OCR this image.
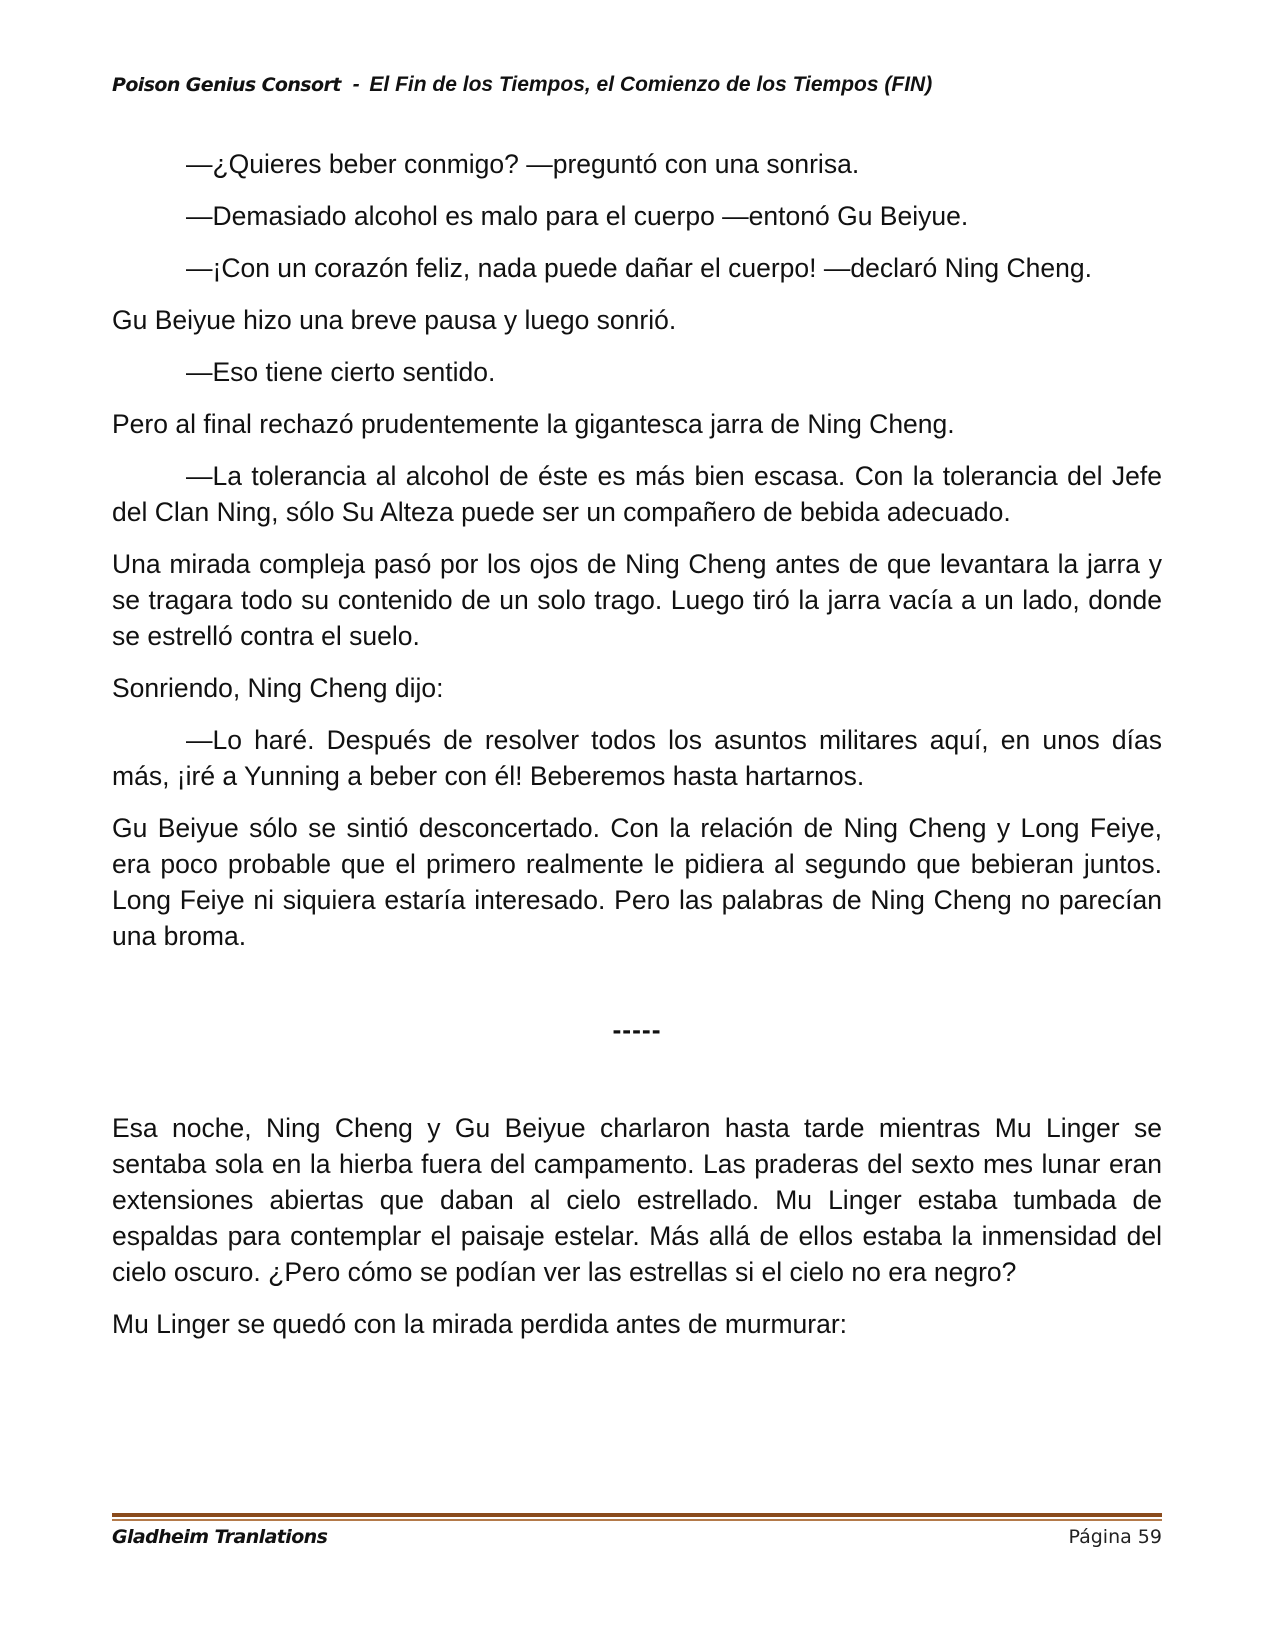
Poison Genius Consort - El Fin de los Tiempos, el Comienzo de los Tiempos (FIN)

—¿Quieres beber conmigo? —preguntó con una sonrisa.

—Demasiado alcohol es malo para el cuerpo —entonó Gu Beiyue.

—¡Con un corazón feliz, nada puede dañar el cuerpo! —declaró Ning Cheng.

Gu Beiyue hizo una breve pausa y luego sonrió.

—Eso tiene cierto sentido.

Pero al final rechazó prudentemente la gigantesca jarra de Ning Cheng.

—La tolerancia al alcohol de éste es más bien escasa. Con la tolerancia del Jefe del Clan Ning, sólo Su Alteza puede ser un compañero de bebida adecuado.

Una mirada compleja pasó por los ojos de Ning Cheng antes de que levantara la jarra y se tragara todo su contenido de un solo trago. Luego tiró la jarra vacía a un lado, donde se estrelló contra el suelo.

Sonriendo, Ning Cheng dijo:

—Lo haré. Después de resolver todos los asuntos militares aquí, en unos días más, ¡iré a Yunning a beber con él! Beberemos hasta hartarnos.

Gu Beiyue sólo se sintió desconcertado. Con la relación de Ning Cheng y Long Feiye, era poco probable que el primero realmente le pidiera al segundo que bebieran juntos. Long Feiye ni siquiera estaría interesado. Pero las palabras de Ning Cheng no parecían una broma.

-----

Esa noche, Ning Cheng y Gu Beiyue charlaron hasta tarde mientras Mu Linger se sentaba sola en la hierba fuera del campamento. Las praderas del sexto mes lunar eran extensiones abiertas que daban al cielo estrellado. Mu Linger estaba tumbada de espaldas para contemplar el paisaje estelar. Más allá de ellos estaba la inmensidad del cielo oscuro. ¿Pero cómo se podían ver las estrellas si el cielo no era negro?

Mu Linger se quedó con la mirada perdida antes de murmurar:

Gladheim Tranlations	Página 59
